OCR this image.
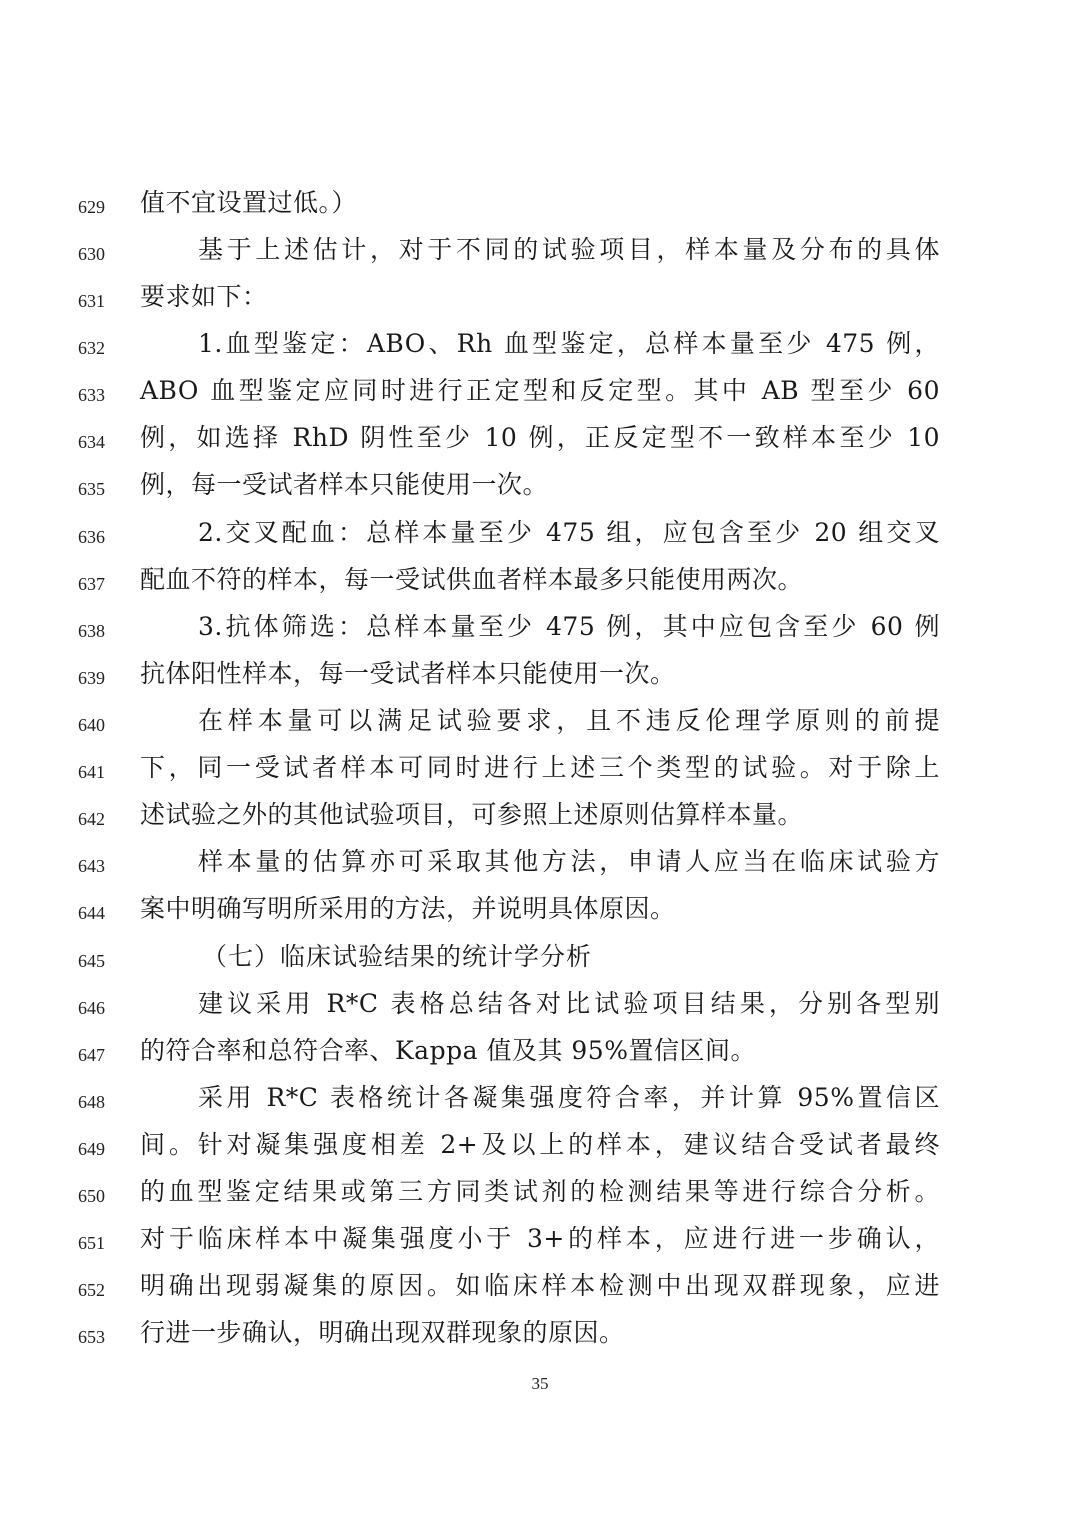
629	值不宜设置过低。）
630	基于上述估计，对于不同的试验项目，样本量及分布的具体
631	要求如下：
632	1.血型鉴定：ABO、Rh 血型鉴定，总样本量至少 475 例，
633	ABO 血型鉴定应同时进行正定型和反定型。其中 AB 型至少 60
634	例，如选择 RhD 阴性至少 10 例，正反定型不一致样本至少 10
635	例，每一受试者样本只能使用一次。
636	2.交叉配血：总样本量至少 475 组，应包含至少 20 组交叉
637	配血不符的样本，每一受试供血者样本最多只能使用两次。
638	3.抗体筛选：总样本量至少 475 例，其中应包含至少 60 例
639	抗体阳性样本，每一受试者样本只能使用一次。
640	在样本量可以满足试验要求，且不违反伦理学原则的前提
641	下，同一受试者样本可同时进行上述三个类型的试验。对于除上
642	述试验之外的其他试验项目，可参照上述原则估算样本量。
643	样本量的估算亦可采取其他方法，申请人应当在临床试验方
644	案中明确写明所采用的方法，并说明具体原因。
645	（七）临床试验结果的统计学分析
646	建议采用 R*C 表格总结各对比试验项目结果，分别各型别
647	的符合率和总符合率、Kappa 值及其 95%置信区间。
648	采用 R*C 表格统计各凝集强度符合率，并计算 95%置信区
649	间。针对凝集强度相差 2+及以上的样本，建议结合受试者最终
650	的血型鉴定结果或第三方同类试剂的检测结果等进行综合分析。
651	对于临床样本中凝集强度小于 3+的样本，应进行进一步确认，
652	明确出现弱凝集的原因。如临床样本检测中出现双群现象，应进
653	行进一步确认，明确出现双群现象的原因。
35
